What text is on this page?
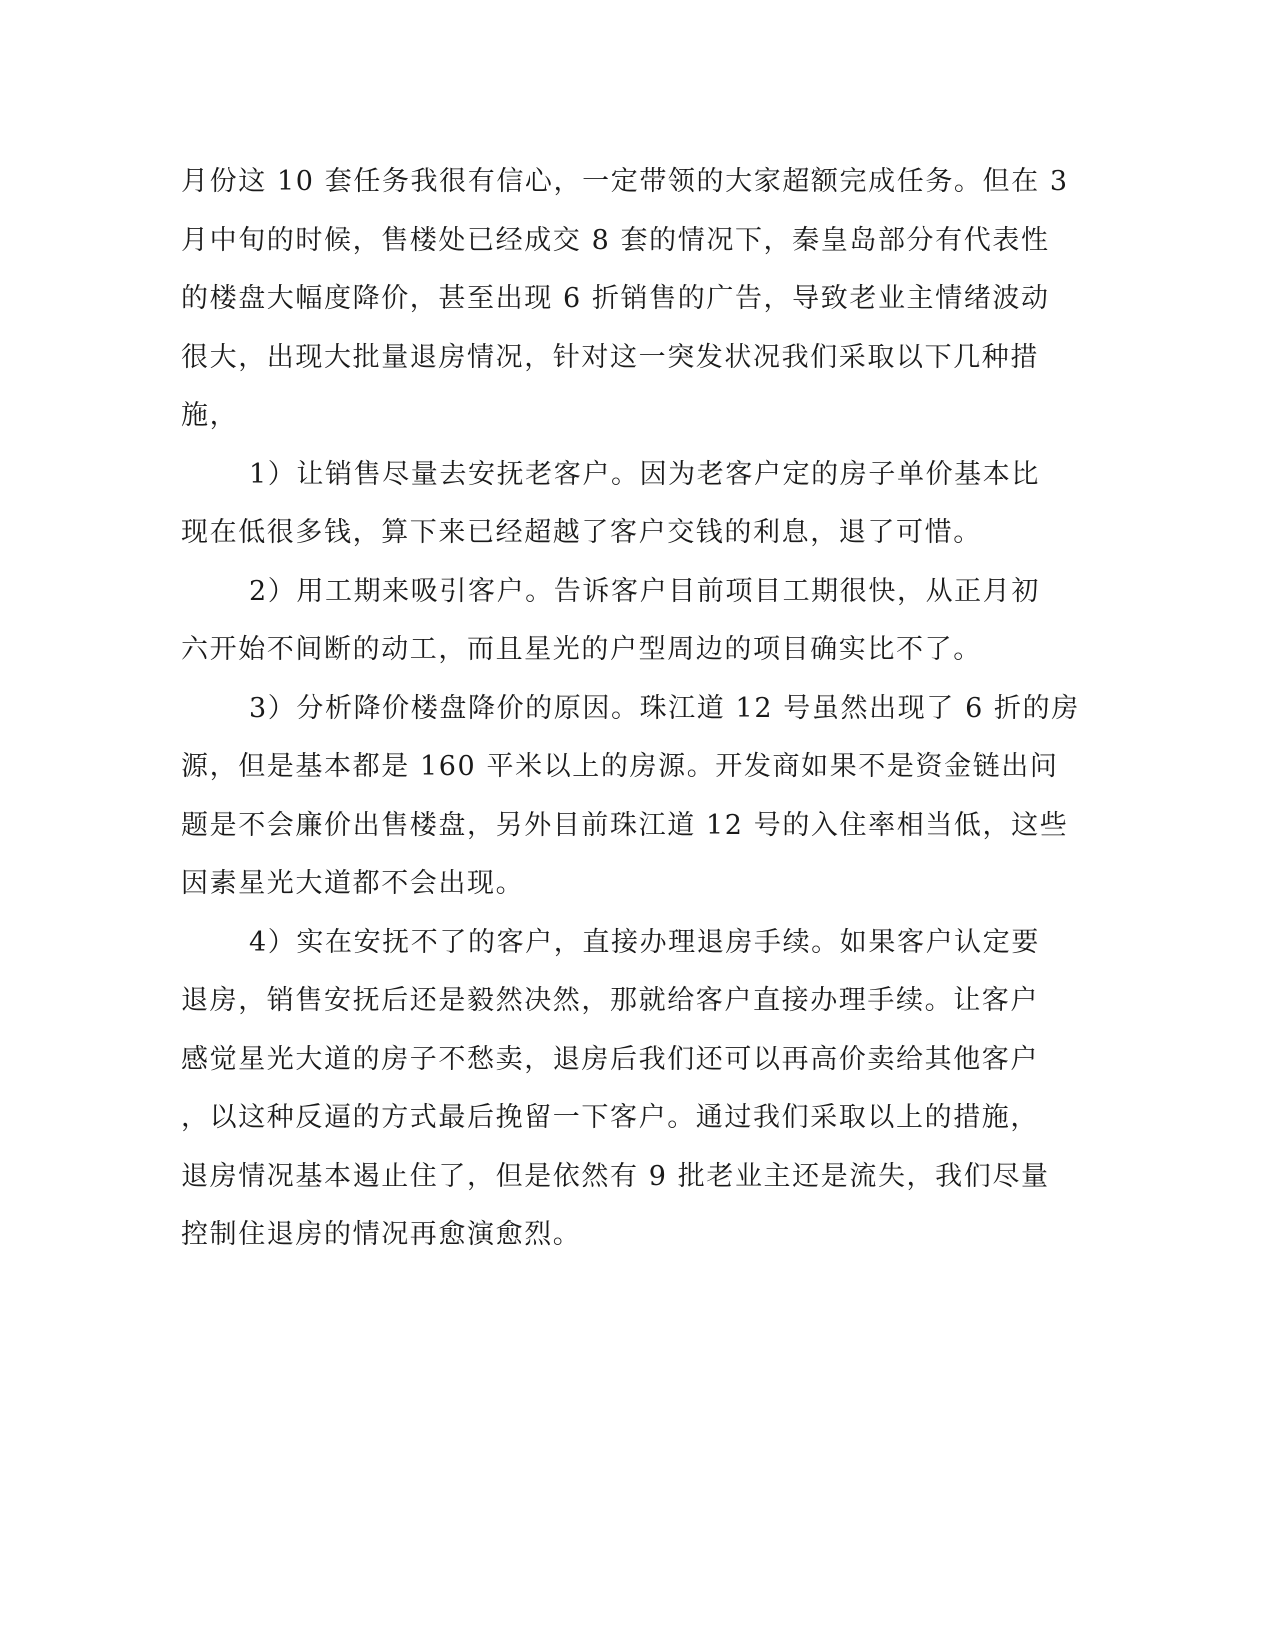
月份这 10 套任务我很有信心，一定带领的大家超额完成任务。但在 3
月中旬的时候，售楼处已经成交 8 套的情况下，秦皇岛部分有代表性
的楼盘大幅度降价，甚至出现 6 折销售的广告，导致老业主情绪波动
很大，出现大批量退房情况，针对这一突发状况我们采取以下几种措
施，
1）让销售尽量去安抚老客户。因为老客户定的房子单价基本比
现在低很多钱，算下来已经超越了客户交钱的利息，退了可惜。
2）用工期来吸引客户。告诉客户目前项目工期很快，从正月初
六开始不间断的动工，而且星光的户型周边的项目确实比不了。
3）分析降价楼盘降价的原因。珠江道 12 号虽然出现了 6 折的房
源，但是基本都是 160 平米以上的房源。开发商如果不是资金链出问
题是不会廉价出售楼盘，另外目前珠江道 12 号的入住率相当低，这些
因素星光大道都不会出现。
4）实在安抚不了的客户，直接办理退房手续。如果客户认定要
退房，销售安抚后还是毅然决然，那就给客户直接办理手续。让客户
感觉星光大道的房子不愁卖，退房后我们还可以再高价卖给其他客户
，以这种反逼的方式最后挽留一下客户。通过我们采取以上的措施，
退房情况基本遏止住了，但是依然有 9 批老业主还是流失，我们尽量
控制住退房的情况再愈演愈烈。
